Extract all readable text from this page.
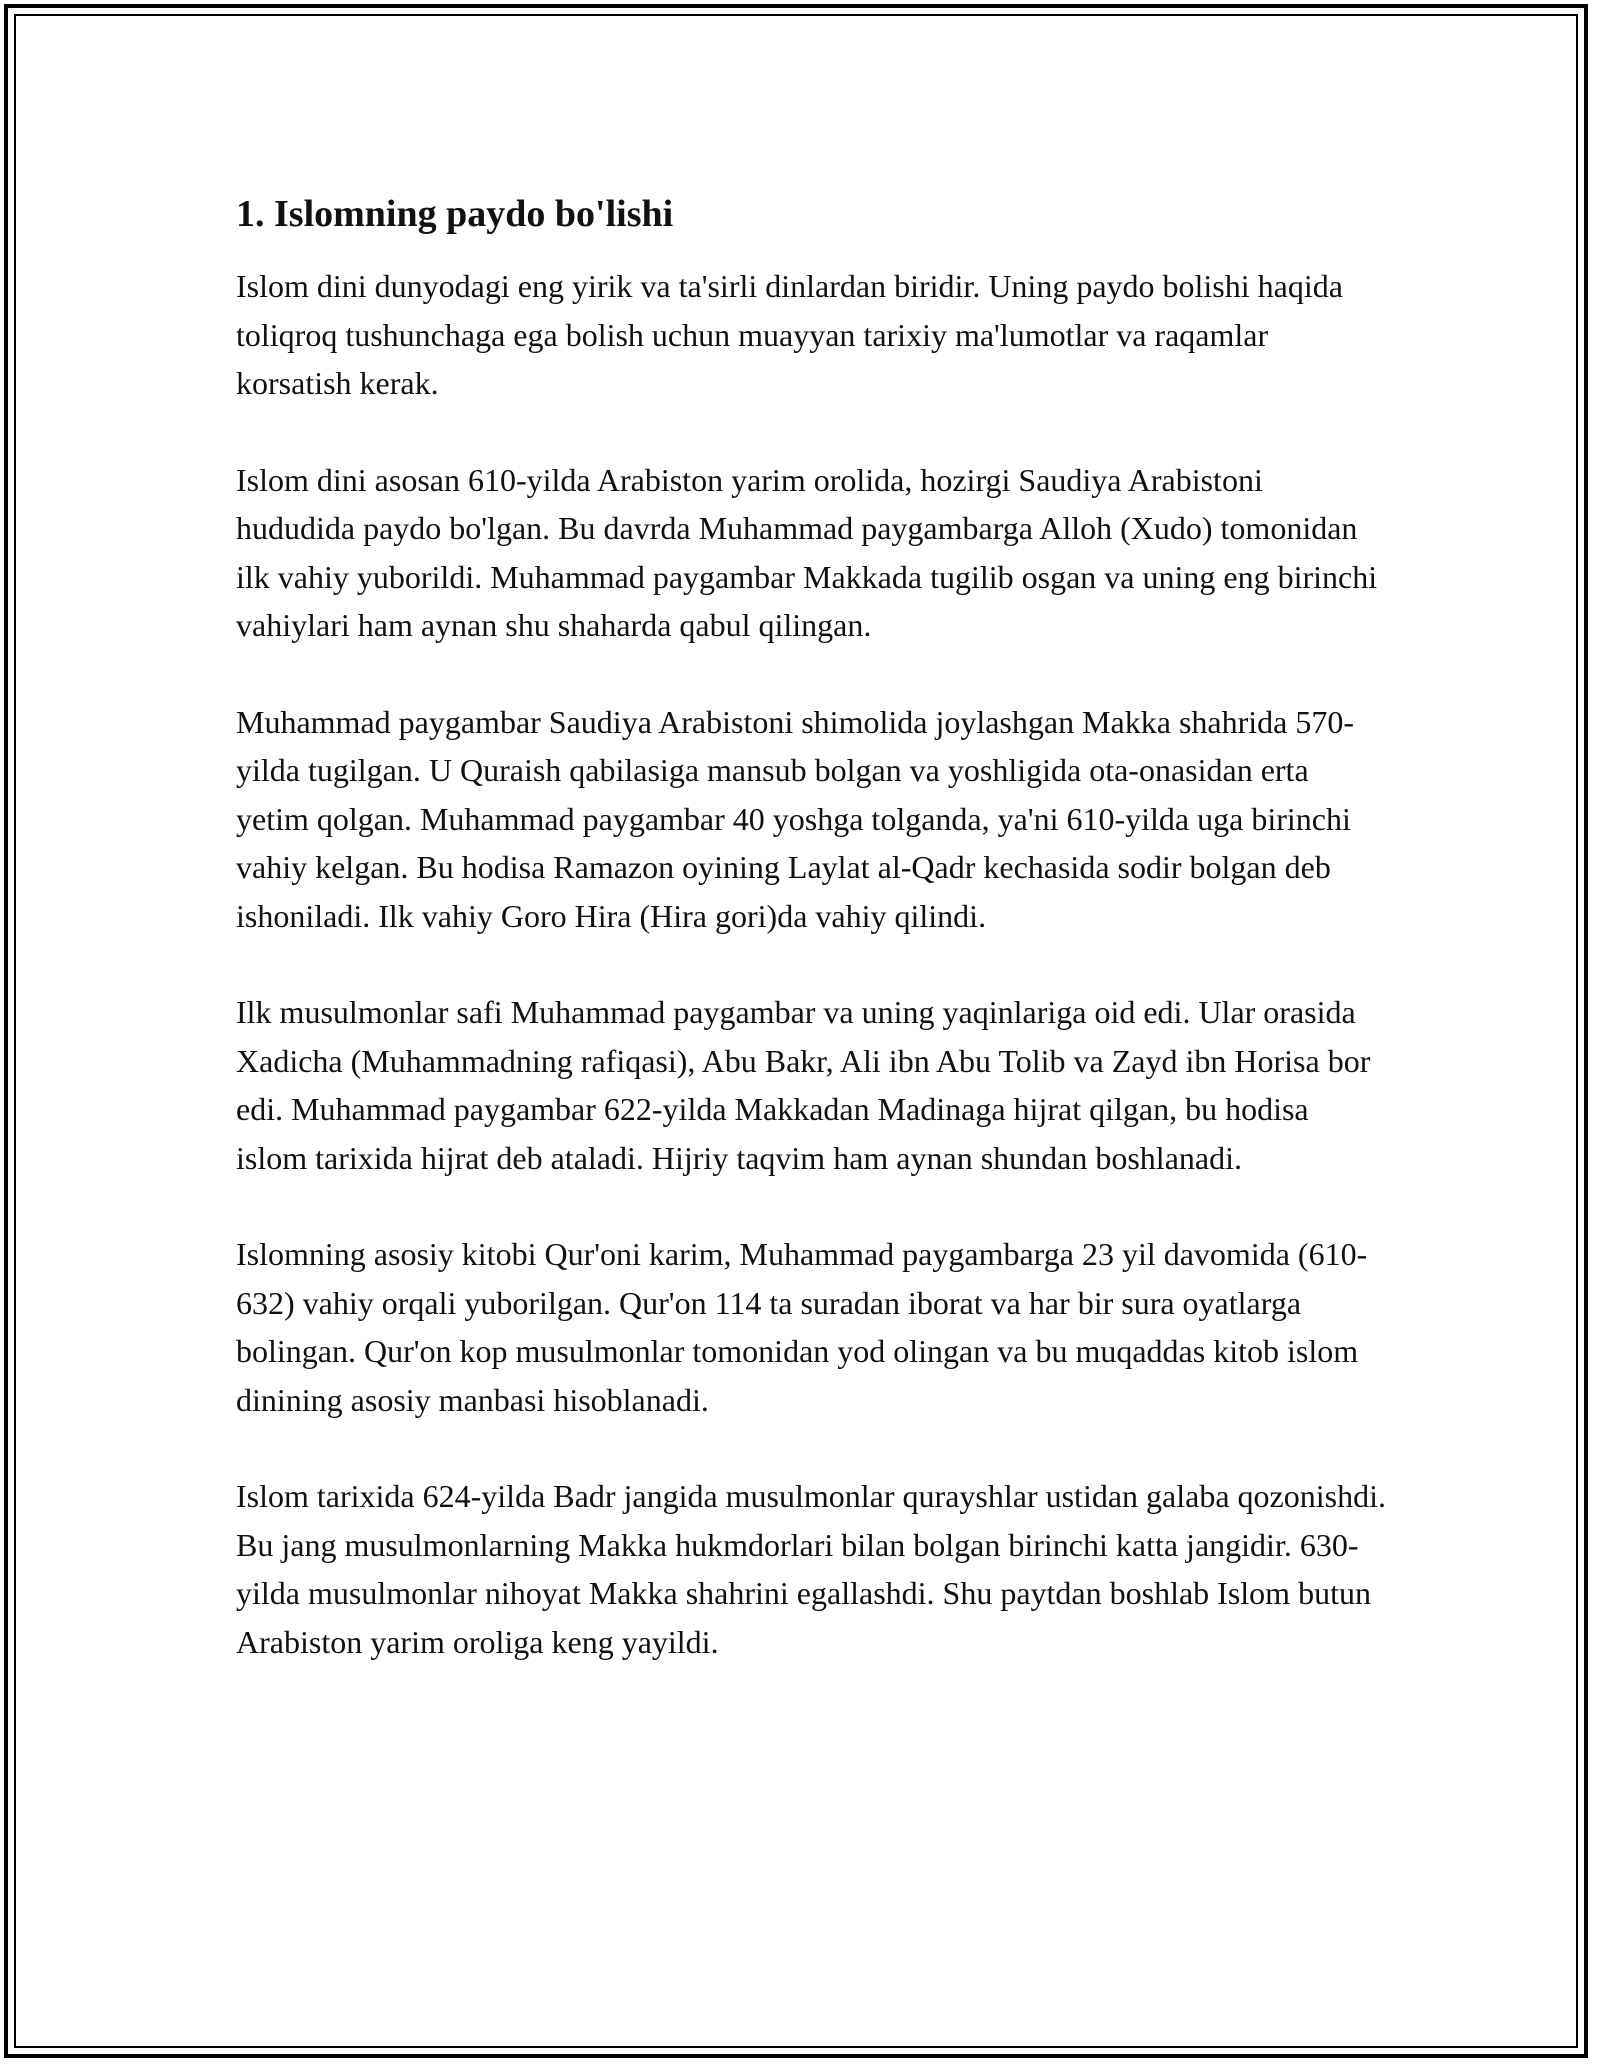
1. Islomning paydo bo'lishi

Islom dini dunyodagi eng yirik va ta'sirli dinlardan biridir. Uning paydo bolishi haqida toliqroq tushunchaga ega bolish uchun muayyan tarixiy ma'lumotlar va raqamlar korsatish kerak.

Islom dini asosan 610-yilda Arabiston yarim orolida, hozirgi Saudiya Arabistoni hududida paydo bo'lgan. Bu davrda Muhammad paygambarga Alloh (Xudo) tomonidan ilk vahiy yuborildi. Muhammad paygambar Makkada tugilib osgan va uning eng birinchi vahiylari ham aynan shu shaharda qabul qilingan.

Muhammad paygambar Saudiya Arabistoni shimolida joylashgan Makka shahrida 570-yilda tugilgan. U Quraish qabilasiga mansub bolgan va yoshligida ota-onasidan erta yetim qolgan. Muhammad paygambar 40 yoshga tolganda, ya'ni 610-yilda uga birinchi vahiy kelgan. Bu hodisa Ramazon oyining Laylat al-Qadr kechasida sodir bolgan deb ishoniladi. Ilk vahiy Goro Hira (Hira gori)da vahiy qilindi.

Ilk musulmonlar safi Muhammad paygambar va uning yaqinlariga oid edi. Ular orasida Xadicha (Muhammadning rafiqasi), Abu Bakr, Ali ibn Abu Tolib va Zayd ibn Horisa bor edi. Muhammad paygambar 622-yilda Makkadan Madinaga hijrat qilgan, bu hodisa islom tarixida hijrat deb ataladi. Hijriy taqvim ham aynan shundan boshlanadi.

Islomning asosiy kitobi Qur'oni karim, Muhammad paygambarga 23 yil davomida (610-632) vahiy orqali yuborilgan. Qur'on 114 ta suradan iborat va har bir sura oyatlarga bolingan. Qur'on kop musulmonlar tomonidan yod olingan va bu muqaddas kitob islom dinining asosiy manbasi hisoblanadi.

Islom tarixida 624-yilda Badr jangida musulmonlar qurayshlar ustidan galaba qozonishdi. Bu jang musulmonlarning Makka hukmdorlari bilan bolgan birinchi katta jangidir. 630-yilda musulmonlar nihoyat Makka shahrini egallashdi. Shu paytdan boshlab Islom butun Arabiston yarim oroliga keng yayildi.
